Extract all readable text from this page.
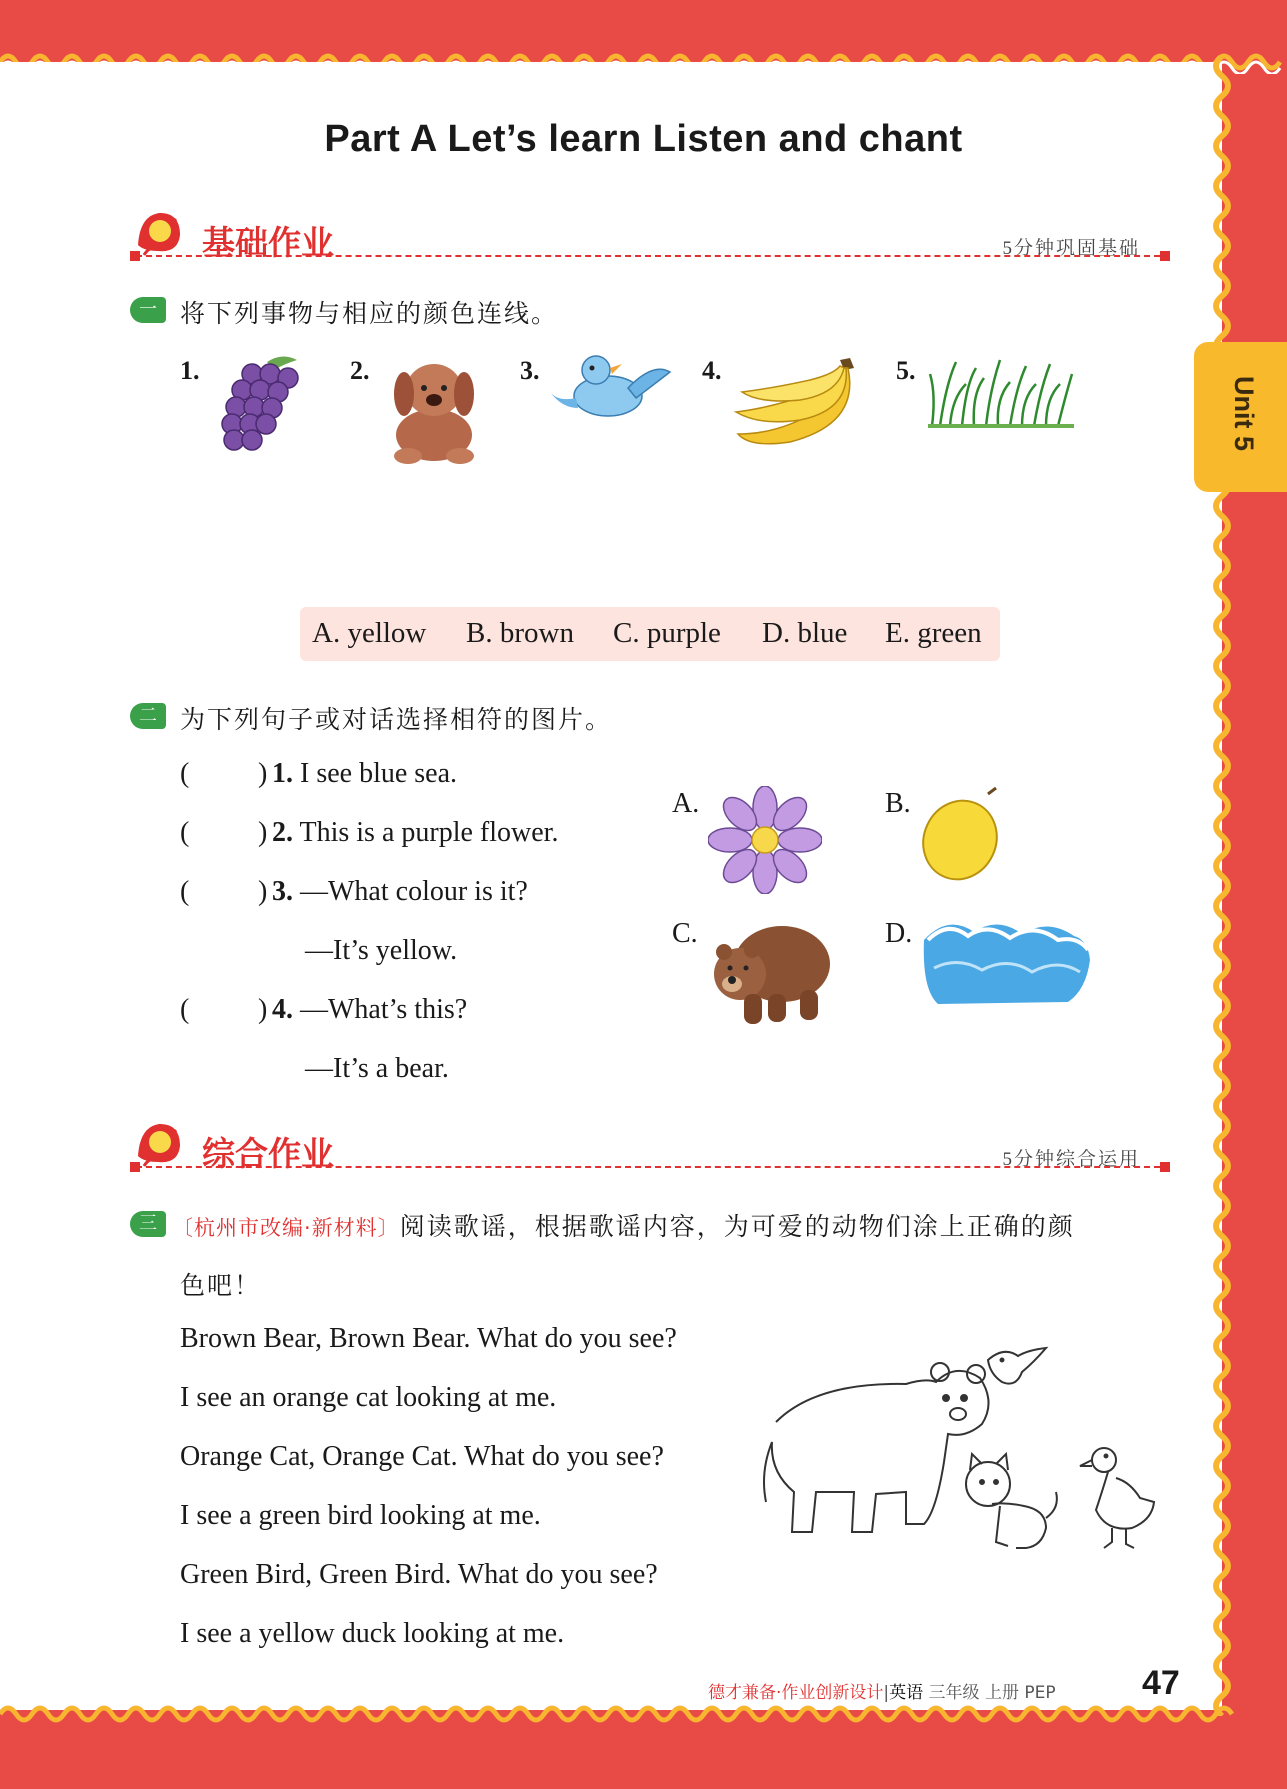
Unit 5
Part A Let’s learn Listen and chant
基础作业	5分钟巩固基础
一 将下列事物与相应的颜色连线。
1.	2.	3.	4.	5.
A. yellow B. brown C. purple D. blue E. green
二 为下列句子或对话选择相符的图片。
( ) 1. I see blue sea.
( ) 2. This is a purple flower.
( ) 3. —What colour is it?
—It’s yellow.
( ) 4. —What’s this?
—It’s a bear.
A.	B.
C.	D.
综合作业	5分钟综合运用
三 〔杭州市改编·新材料〕阅读歌谣，根据歌谣内容，为可爱的动物们涂上正确的颜
色吧！
Brown Bear, Brown Bear. What do you see?
I see an orange cat looking at me.
Orange Cat, Orange Cat. What do you see?
I see a green bird looking at me.
Green Bird, Green Bird. What do you see?
I see a yellow duck looking at me.
德才兼备·作业创新设计|英语 三年级 上册 PEP	47
